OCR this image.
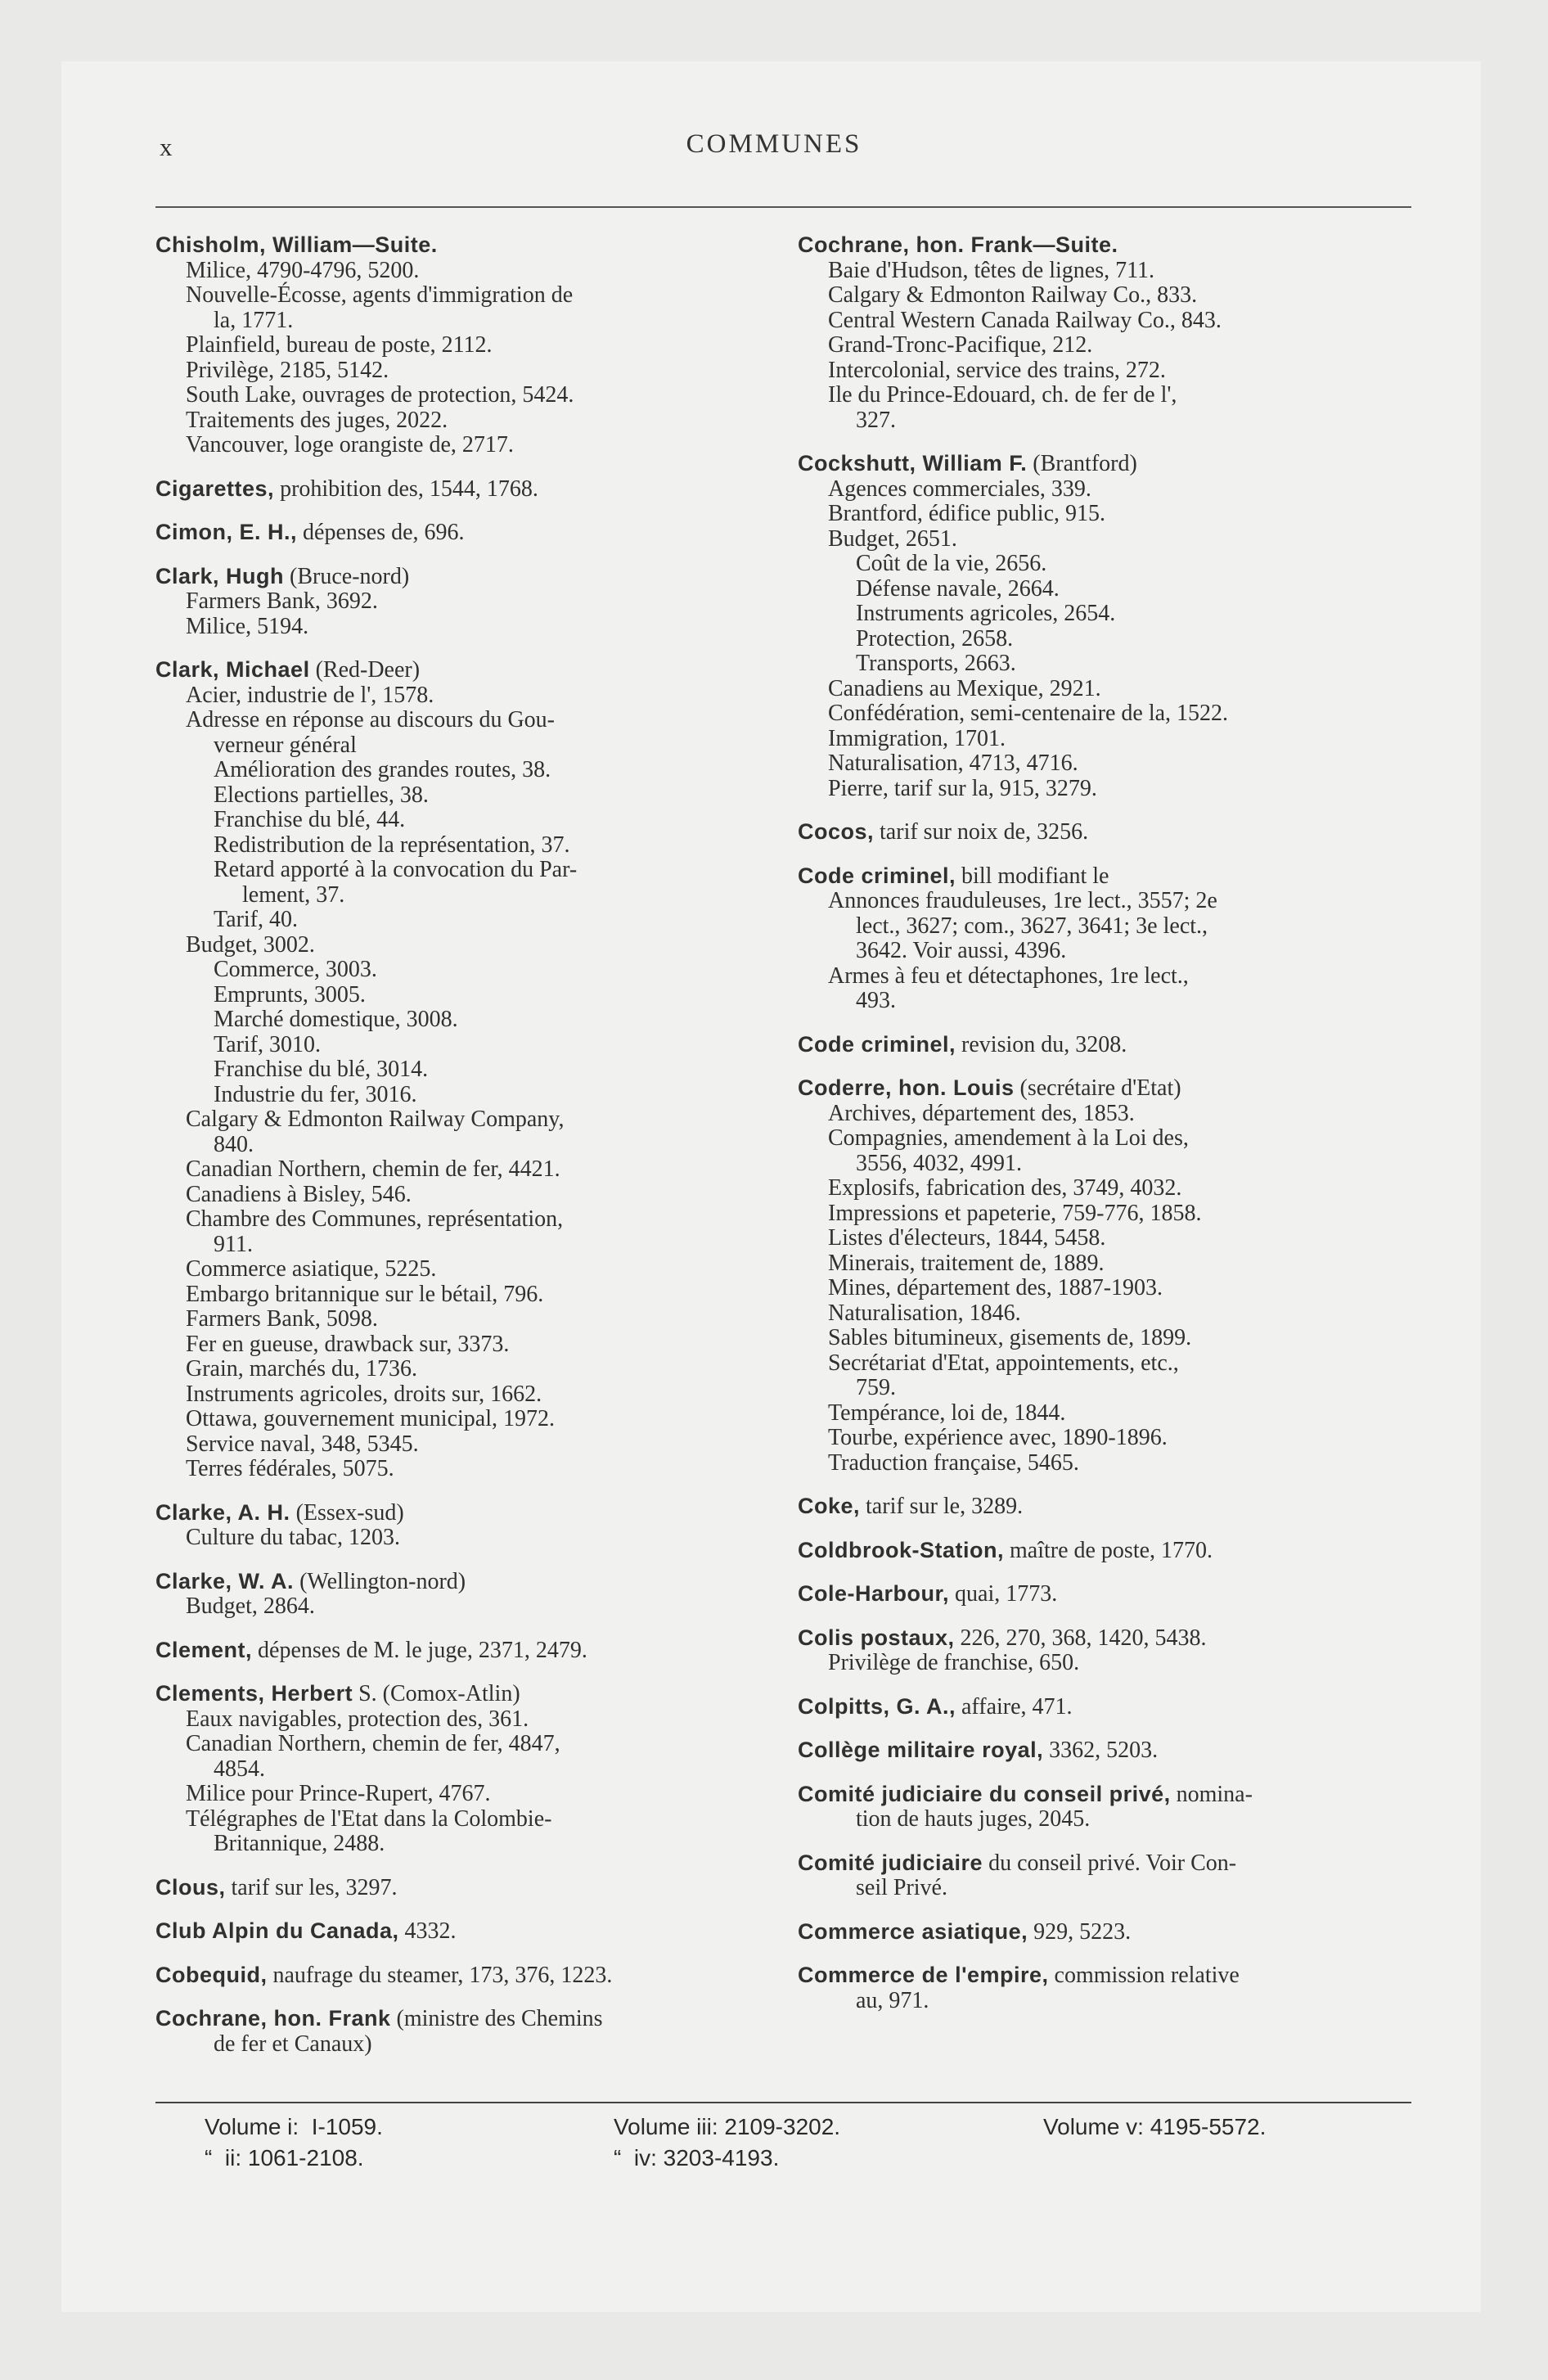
x	COMMUNES
Chisholm, William—Suite.
Milice, 4790-4796, 5200.
Nouvelle-Écosse, agents d'immigration de
la, 1771.
Plainfield, bureau de poste, 2112.
Privilège, 2185, 5142.
South Lake, ouvrages de protection, 5424.
Traitements des juges, 2022.
Vancouver, loge orangiste de, 2717.
Cigarettes, prohibition des, 1544, 1768.
Cimon, E. H., dépenses de, 696.
Clark, Hugh (Bruce-nord)
Farmers Bank, 3692.
Milice, 5194.
Clark, Michael (Red-Deer)
Acier, industrie de l', 1578.
Adresse en réponse au discours du Gou-
verneur général
Amélioration des grandes routes, 38.
Elections partielles, 38.
Franchise du blé, 44.
Redistribution de la représentation, 37.
Retard apporté à la convocation du Par-
lement, 37.
Tarif, 40.
Budget, 3002.
Commerce, 3003.
Emprunts, 3005.
Marché domestique, 3008.
Tarif, 3010.
Franchise du blé, 3014.
Industrie du fer, 3016.
Calgary & Edmonton Railway Company,
840.
Canadian Northern, chemin de fer, 4421.
Canadiens à Bisley, 546.
Chambre des Communes, représentation,
911.
Commerce asiatique, 5225.
Embargo britannique sur le bétail, 796.
Farmers Bank, 5098.
Fer en gueuse, drawback sur, 3373.
Grain, marchés du, 1736.
Instruments agricoles, droits sur, 1662.
Ottawa, gouvernement municipal, 1972.
Service naval, 348, 5345.
Terres fédérales, 5075.
Clarke, A. H. (Essex-sud)
Culture du tabac, 1203.
Clarke, W. A. (Wellington-nord)
Budget, 2864.
Clement, dépenses de M. le juge, 2371, 2479.
Clements, Herbert S. (Comox-Atlin)
Eaux navigables, protection des, 361.
Canadian Northern, chemin de fer, 4847,
4854.
Milice pour Prince-Rupert, 4767.
Télégraphes de l'Etat dans la Colombie-
Britannique, 2488.
Clous, tarif sur les, 3297.
Club Alpin du Canada, 4332.
Cobequid, naufrage du steamer, 173, 376, 1223.
Cochrane, hon. Frank (ministre des Chemins
de fer et Canaux)
Cochrane, hon. Frank—Suite.
Baie d'Hudson, têtes de lignes, 711.
Calgary & Edmonton Railway Co., 833.
Central Western Canada Railway Co., 843.
Grand-Tronc-Pacifique, 212.
Intercolonial, service des trains, 272.
Ile du Prince-Edouard, ch. de fer de l',
327.
Cockshutt, William F. (Brantford)
Agences commerciales, 339.
Brantford, édifice public, 915.
Budget, 2651.
Coût de la vie, 2656.
Défense navale, 2664.
Instruments agricoles, 2654.
Protection, 2658.
Transports, 2663.
Canadiens au Mexique, 2921.
Confédération, semi-centenaire de la, 1522.
Immigration, 1701.
Naturalisation, 4713, 4716.
Pierre, tarif sur la, 915, 3279.
Cocos, tarif sur noix de, 3256.
Code criminel, bill modifiant le
Annonces frauduleuses, 1re lect., 3557; 2e
lect., 3627; com., 3627, 3641; 3e lect.,
3642. Voir aussi, 4396.
Armes à feu et détectaphones, 1re lect.,
493.
Code criminel, revision du, 3208.
Coderre, hon. Louis (secrétaire d'Etat)
Archives, département des, 1853.
Compagnies, amendement à la Loi des,
3556, 4032, 4991.
Explosifs, fabrication des, 3749, 4032.
Impressions et papeterie, 759-776, 1858.
Listes d'électeurs, 1844, 5458.
Minerais, traitement de, 1889.
Mines, département des, 1887-1903.
Naturalisation, 1846.
Sables bitumineux, gisements de, 1899.
Secrétariat d'Etat, appointements, etc.,
759.
Tempérance, loi de, 1844.
Tourbe, expérience avec, 1890-1896.
Traduction française, 5465.
Coke, tarif sur le, 3289.
Coldbrook-Station, maître de poste, 1770.
Cole-Harbour, quai, 1773.
Colis postaux, 226, 270, 368, 1420, 5438.
Privilège de franchise, 650.
Colpitts, G. A., affaire, 471.
Collège militaire royal, 3362, 5203.
Comité judiciaire du conseil privé, nomina-
tion de hauts juges, 2045.
Comité judiciaire du conseil privé. Voir Con-
seil Privé.
Commerce asiatique, 929, 5223.
Commerce de l'empire, commission relative
au, 971.
Volume i:  I-1059.
“  ii: 1061-2108.
Volume iii: 2109-3202.
“  iv: 3203-4193.
Volume v: 4195-5572.
